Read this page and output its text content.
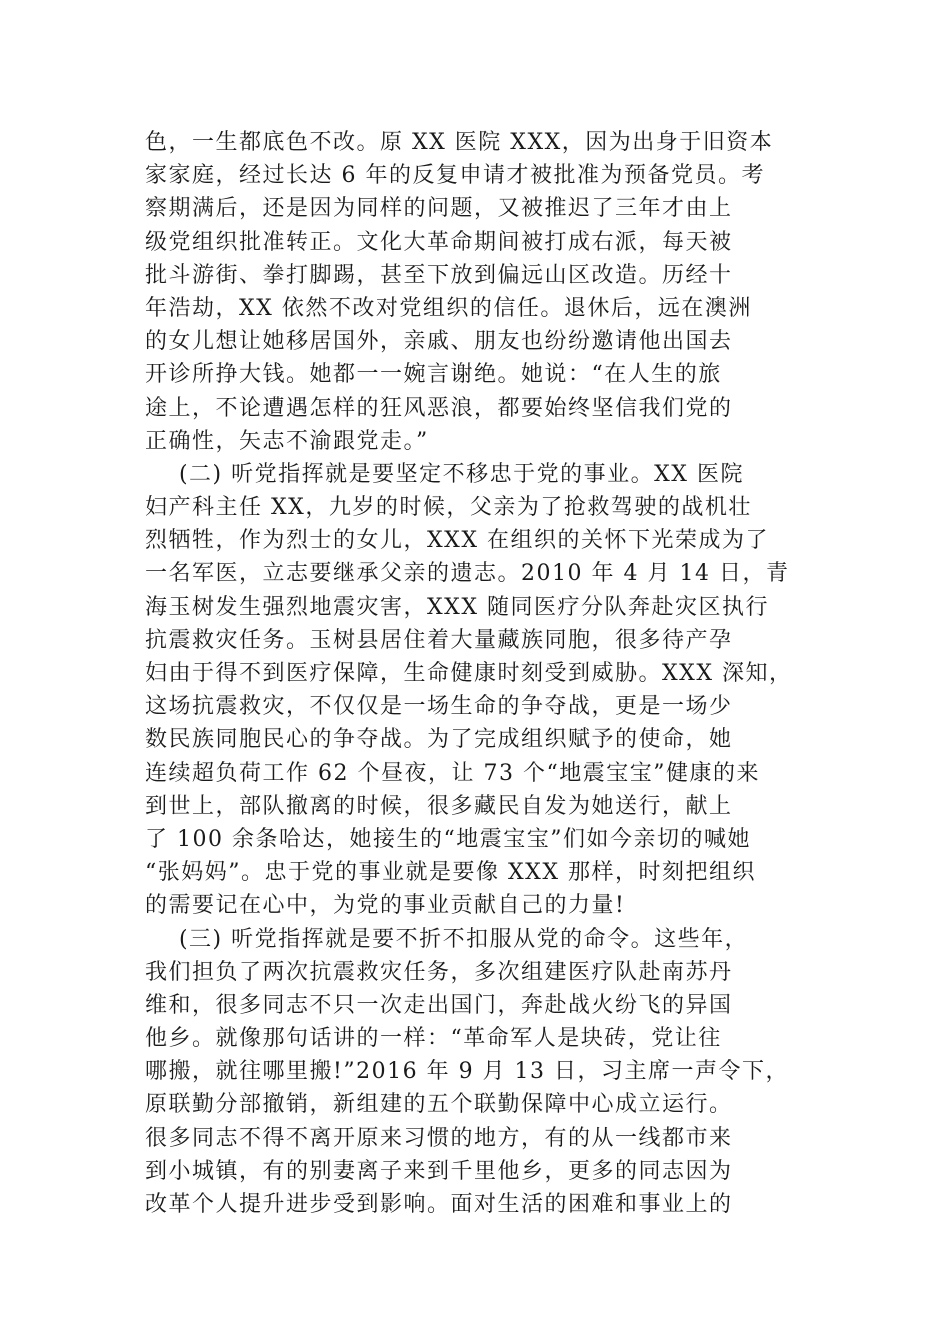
色，一生都底色不改。原 XX 医院 XXX，因为出身于旧资本
家家庭，经过长达 6 年的反复申请才被批准为预备党员。考
察期满后，还是因为同样的问题，又被推迟了三年才由上
级党组织批准转正。文化大革命期间被打成右派，每天被
批斗游街、拳打脚踢，甚至下放到偏远山区改造。历经十
年浩劫，XX 依然不改对党组织的信任。退休后，远在澳洲
的女儿想让她移居国外，亲戚、朋友也纷纷邀请他出国去
开诊所挣大钱。她都一一婉言谢绝。她说：“在人生的旅
途上，不论遭遇怎样的狂风恶浪，都要始终坚信我们党的
正确性，矢志不渝跟党走。”
(二) 听党指挥就是要坚定不移忠于党的事业。XX 医院
妇产科主任 XX，九岁的时候，父亲为了抢救驾驶的战机壮
烈牺牲，作为烈士的女儿，XXX 在组织的关怀下光荣成为了
一名军医，立志要继承父亲的遗志。2010 年 4 月 14 日，青
海玉树发生强烈地震灾害，XXX 随同医疗分队奔赴灾区执行
抗震救灾任务。玉树县居住着大量藏族同胞，很多待产孕
妇由于得不到医疗保障，生命健康时刻受到威胁。XXX 深知，
这场抗震救灾，不仅仅是一场生命的争夺战，更是一场少
数民族同胞民心的争夺战。为了完成组织赋予的使命，她
连续超负荷工作 62 个昼夜，让 73 个“地震宝宝”健康的来
到世上，部队撤离的时候，很多藏民自发为她送行，献上
了 100 余条哈达，她接生的“地震宝宝”们如今亲切的喊她
“张妈妈”。忠于党的事业就是要像 XXX 那样，时刻把组织
的需要记在心中，为党的事业贡献自己的力量!
(三) 听党指挥就是要不折不扣服从党的命令。这些年，
我们担负了两次抗震救灾任务，多次组建医疗队赴南苏丹
维和，很多同志不只一次走出国门，奔赴战火纷飞的异国
他乡。就像那句话讲的一样：“革命军人是块砖，党让往
哪搬，就往哪里搬!”2016 年 9 月 13 日，习主席一声令下，
原联勤分部撤销，新组建的五个联勤保障中心成立运行。
很多同志不得不离开原来习惯的地方，有的从一线都市来
到小城镇，有的别妻离子来到千里他乡，更多的同志因为
改革个人提升进步受到影响。面对生活的困难和事业上的
